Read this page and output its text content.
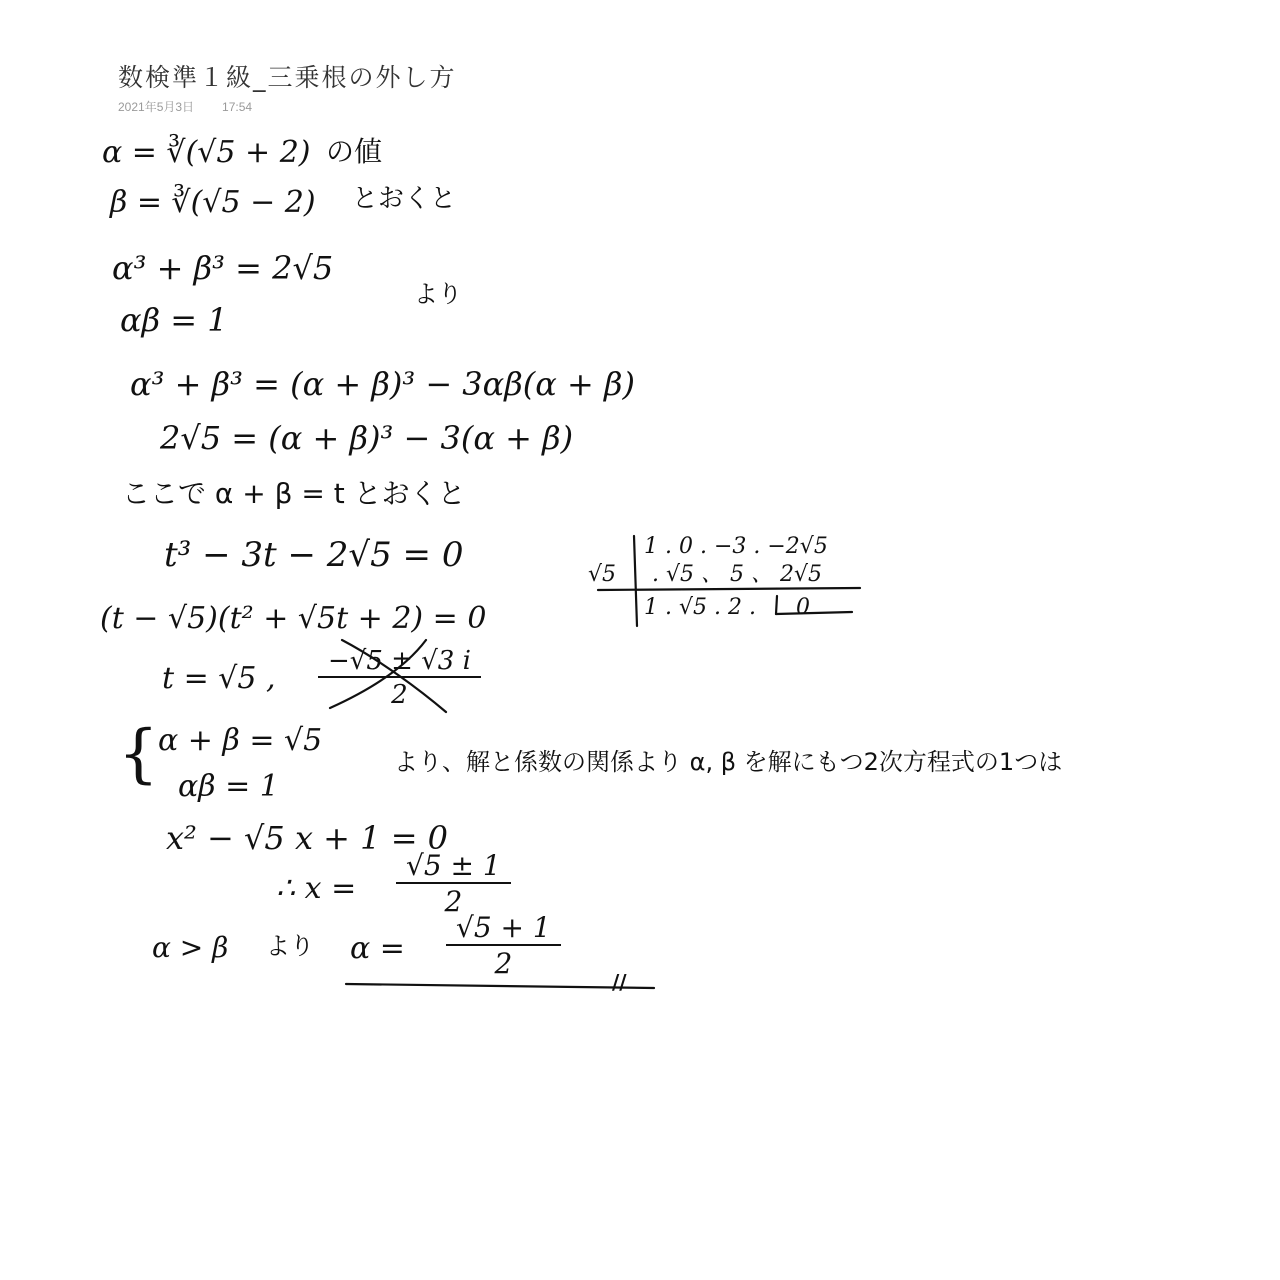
数検準１級_三乗根の外し方
2021年5月3日 17:54
α = ∛(√5 + 2) の値
β = ∛(√5 − 2) とおくと
α³ + β³ = 2√5
αβ = 1
より
α³ + β³ = (α + β)³ − 3αβ(α + β)
2√5 = (α + β)³ − 3(α + β)
ここで α + β = t とおくと
t³ − 3t − 2√5 = 0
(t − √5)(t² + √5t + 2) = 0
t = √5 , $\frac{-√5 \pm √3 i}{2}$
{ α + β = √5
αβ = 1
より、解と係数の関係より α, β を解にもつ2次方程式の1つは
x² − √5 x + 1 = 0
∴ $x = \frac{√5 \pm 1}{2}$
α > β より $\alpha = \frac{√5 + 1}{2}$
//
√5
1 . 0 . −3 . −2√5
. √5 、 5 、 2√5
1 . √5 . 2 . 0
